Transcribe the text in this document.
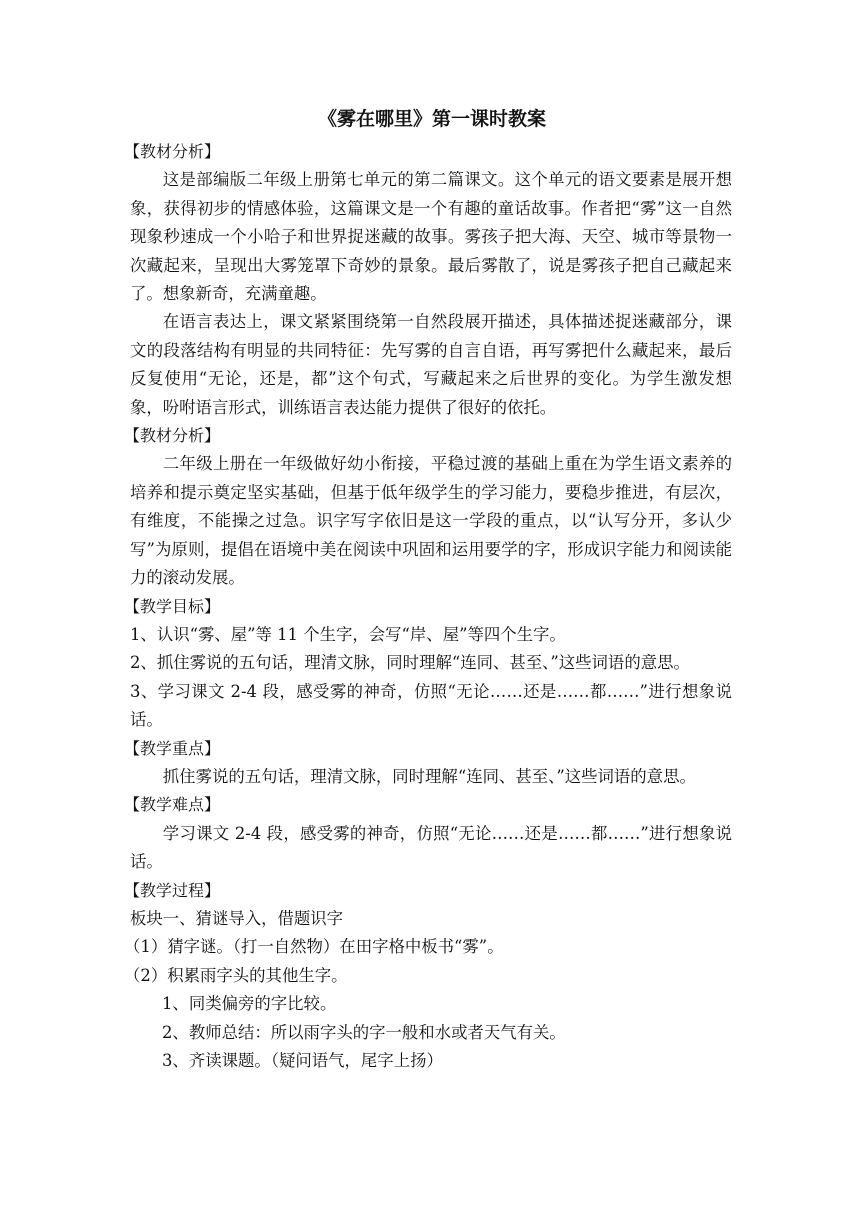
《雾在哪里》第一课时教案
【教材分析】

这是部编版二年级上册第七单元的第二篇课文。这个单元的语文要素是展开想象，获得初步的情感体验，这篇课文是一个有趣的童话故事。作者把“雾”这一自然现象秒速成一个小哈子和世界捉迷藏的故事。雾孩子把大海、天空、城市等景物一次藏起来，呈现出大雾笼罩下奇妙的景象。最后雾散了，说是雾孩子把自己藏起来了。想象新奇，充满童趣。

在语言表达上，课文紧紧围绕第一自然段展开描述，具体描述捉迷藏部分，课文的段落结构有明显的共同特征：先写雾的自言自语，再写雾把什么藏起来，最后反复使用“无论，还是，都”这个句式，写藏起来之后世界的变化。为学生激发想象，吩咐语言形式，训练语言表达能力提供了很好的依托。

【教材分析】

二年级上册在一年级做好幼小衔接，平稳过渡的基础上重在为学生语文素养的培养和提示奠定坚实基础，但基于低年级学生的学习能力，要稳步推进，有层次，有维度，不能操之过急。识字写字依旧是这一学段的重点，以“认写分开，多认少写”为原则，提倡在语境中美在阅读中巩固和运用要学的字，形成识字能力和阅读能力的滚动发展。

【教学目标】
1、认识“雾、屋”等 11 个生字，会写“岸、屋”等四个生字。
2、抓住雾说的五句话，理清文脉，同时理解“连同、甚至、”这些词语的意思。

3、学习课文 2-4 段，感受雾的神奇，仿照“无论……还是……都……”进行想象说话。

【教学重点】

抓住雾说的五句话，理清文脉，同时理解“连同、甚至、”这些词语的意思。

【教学难点】

学习课文 2-4 段，感受雾的神奇，仿照“无论……还是……都……”进行想象说话。

【教学过程】
板块一、猜谜导入，借题识字
（1）猜字谜。（打一自然物）在田字格中板书“雾”。
（2）积累雨字头的其他生字。
1、同类偏旁的字比较。
2、教师总结：所以雨字头的字一般和水或者天气有关。
3、齐读课题。（疑问语气，尾字上扬）
